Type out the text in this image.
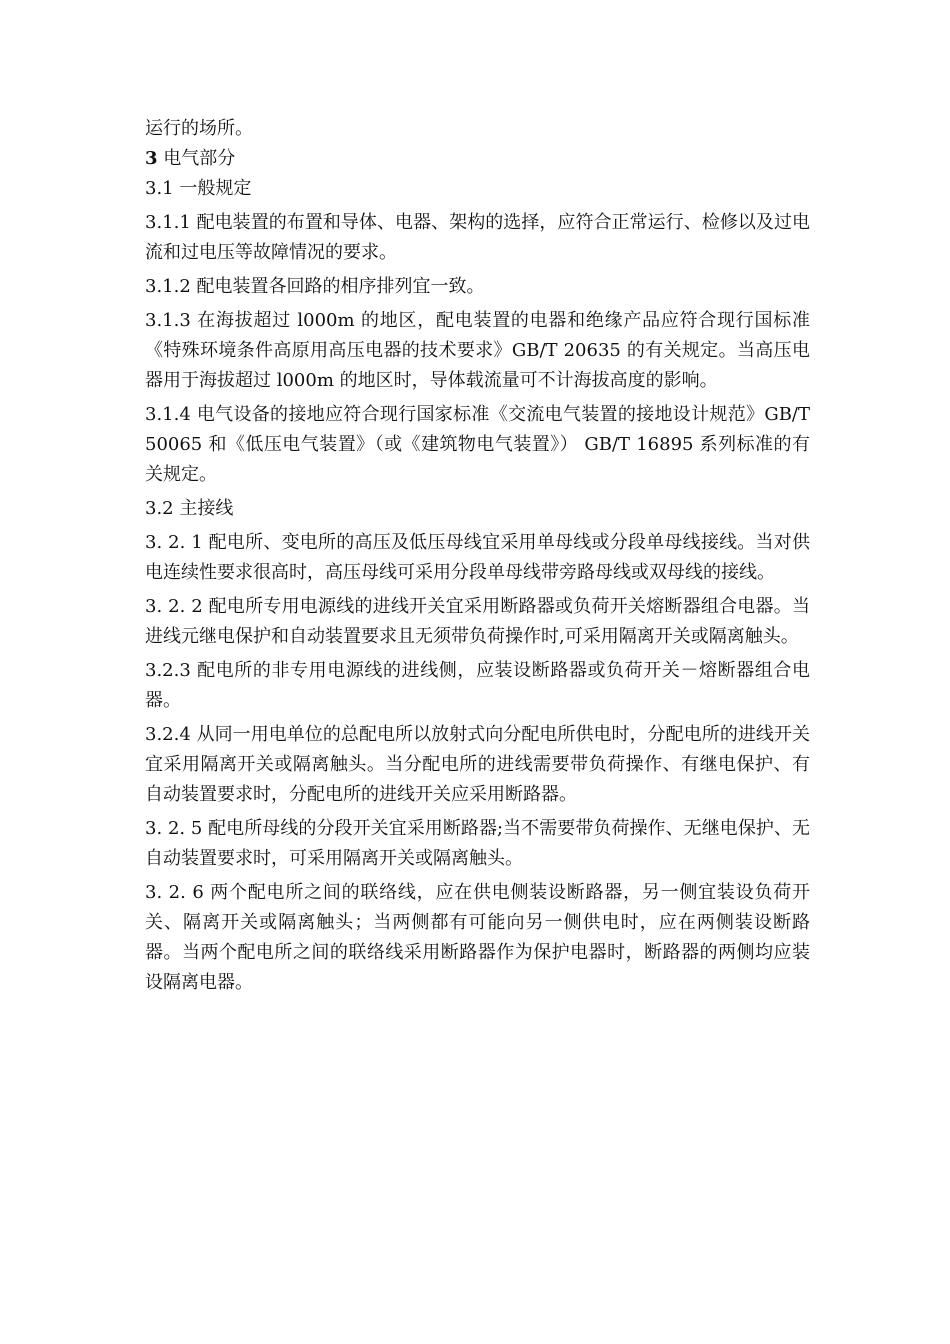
运行的场所。

3 电气部分

3.1 一般规定

3.1.1 配电装置的布置和导体、电器、架构的选择，应符合正常运行、检修以及过电流和过电压等故障情况的要求。

3.1.2 配电装置各回路的相序排列宜一致。

3.1.3 在海拔超过 l000m 的地区，配电装置的电器和绝缘产品应符合现行国标准《特殊环境条件高原用高压电器的技术要求》GB/T 20635 的有关规定。当高压电器用于海拔超过 l000m 的地区时，导体载流量可不计海拔高度的影响。

3.1.4 电气设备的接地应符合现行国家标准《交流电气装置的接地设计规范》GB/T 50065 和《低压电气装置》（或《建筑物电气装置》） GB/T 16895 系列标准的有关规定。

3.2 主接线

3. 2. 1 配电所、变电所的高压及低压母线宜采用单母线或分段单母线接线。当对供电连续性要求很高时，高压母线可采用分段单母线带旁路母线或双母线的接线。

3. 2. 2 配电所专用电源线的进线开关宜采用断路器或负荷开关熔断器组合电器。当进线元继电保护和自动装置要求且无须带负荷操作时,可采用隔离开关或隔离触头。

3.2.3 配电所的非专用电源线的进线侧，应装设断路器或负荷开关－熔断器组合电器。

3.2.4 从同一用电单位的总配电所以放射式向分配电所供电时，分配电所的进线开关宜采用隔离开关或隔离触头。当分配电所的进线需要带负荷操作、有继电保护、有自动装置要求时，分配电所的进线开关应采用断路器。

3. 2. 5 配电所母线的分段开关宜采用断路器;当不需要带负荷操作、无继电保护、无自动装置要求时，可采用隔离开关或隔离触头。

3. 2. 6 两个配电所之间的联络线，应在供电侧装设断路器，另一侧宜装设负荷开关、隔离开关或隔离触头；当两侧都有可能向另一侧供电时，应在两侧装设断路器。当两个配电所之间的联络线采用断路器作为保护电器时，断路器的两侧均应装设隔离电器。
